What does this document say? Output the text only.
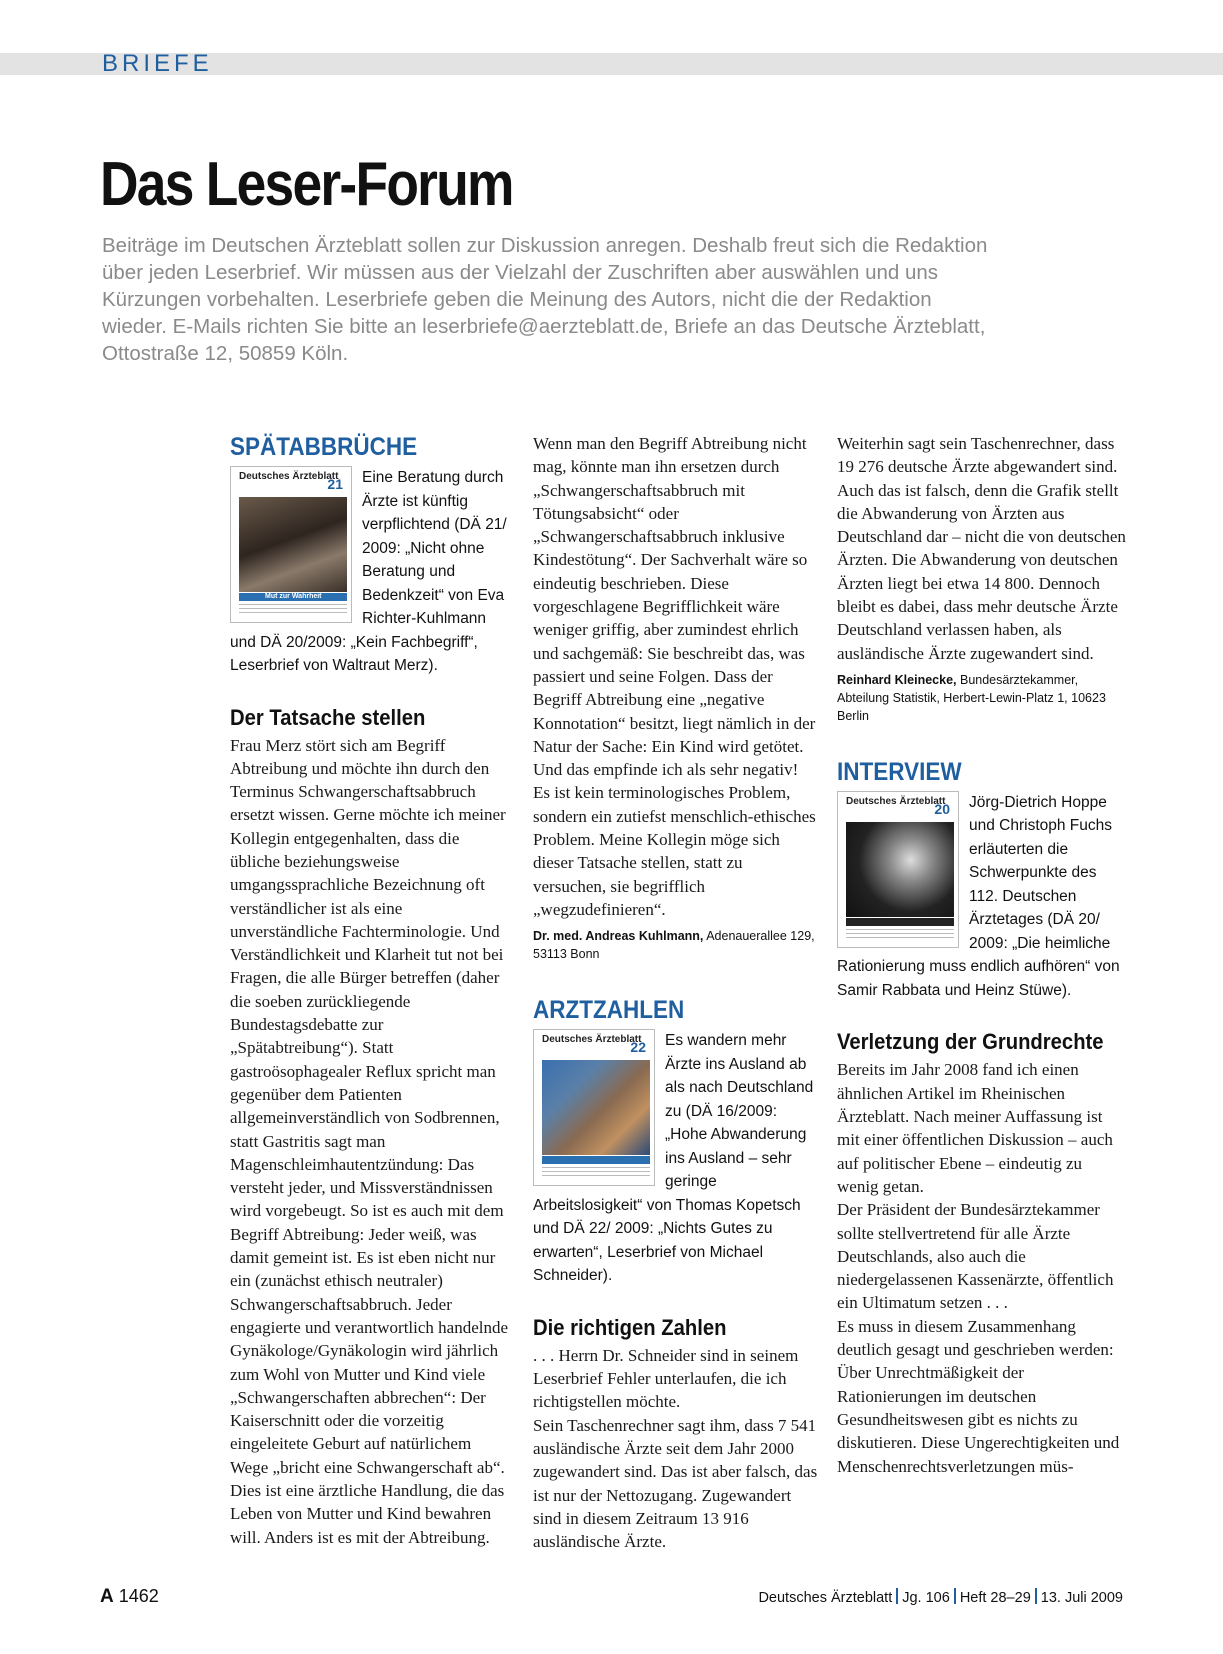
BRIEFE
Das Leser-Forum

Beiträge im Deutschen Ärzteblatt sollen zur Diskussion anregen. Deshalb freut sich die Redaktion über jeden Leserbrief. Wir müssen aus der Vielzahl der Zuschriften aber auswählen und uns Kürzungen vorbehalten. Leserbriefe geben die Meinung des Autors, nicht die der Redaktion wieder. E-Mails richten Sie bitte an leserbriefe@aerzteblatt.de, Briefe an das Deutsche Ärzteblatt, Ottostraße 12, 50859 Köln.

SPÄTABBRÜCHE
Deutsches Ärzteblatt
21
Mut zur Wahrheit
Eine Beratung durch Ärzte ist künftig verpflichtend (DÄ 21/ 2009: „Nicht ohne Beratung und Bedenkzeit“ von Eva Richter-Kuhlmann und DÄ 20/2009: „Kein Fachbegriff“, Leserbrief von Waltraut Merz).
Der Tatsache stellen

Frau Merz stört sich am Begriff Abtreibung und möchte ihn durch den Terminus Schwangerschaftsabbruch ersetzt wissen. Gerne möchte ich meiner Kollegin entgegenhalten, dass die übliche beziehungsweise umgangssprachliche Bezeichnung oft verständlicher ist als eine unverständliche Fachterminologie. Und Verständlichkeit und Klarheit tut not bei Fragen, die alle Bürger betreffen (daher die soeben zurückliegende Bundestagsdebatte zur „Spätabtreibung“). Statt gastroösophagealer Reflux spricht man gegenüber dem Patienten allgemeinverständlich von Sodbrennen, statt Gastritis sagt man Magenschleimhautentzündung: Das versteht jeder, und Missverständnissen wird vorgebeugt. So ist es auch mit dem Begriff Abtreibung: Jeder weiß, was damit gemeint ist. Es ist eben nicht nur ein (zunächst ethisch neutraler) Schwangerschaftsabbruch. Jeder engagierte und verantwortlich handelnde Gynäkologe/Gynäkologin wird jährlich zum Wohl von Mutter und Kind viele „Schwangerschaften abbrechen“: Der Kaiserschnitt oder die vorzeitig eingeleitete Geburt auf natürlichem Wege „bricht eine Schwangerschaft ab“. Dies ist eine ärztliche Handlung, die das Leben von Mutter und Kind bewahren will. Anders ist es mit der Abtreibung.

Wenn man den Begriff Abtreibung nicht mag, könnte man ihn ersetzen durch „Schwangerschaftsabbruch mit Tötungsabsicht“ oder „Schwangerschaftsabbruch inklusive Kindestötung“. Der Sachverhalt wäre so eindeutig beschrieben. Diese vorgeschlagene Begrifflichkeit wäre weniger griffig, aber zumindest ehrlich und sachgemäß: Sie beschreibt das, was passiert und seine Folgen. Dass der Begriff Abtreibung eine „negative Konnotation“ besitzt, liegt nämlich in der Natur der Sache: Ein Kind wird getötet. Und das empfinde ich als sehr negativ! Es ist kein terminologisches Problem, sondern ein zutiefst menschlich-ethisches Problem. Meine Kollegin möge sich dieser Tatsache stellen, statt zu versuchen, sie begrifflich „wegzudefinieren“.

Dr. med. Andreas Kuhlmann, Adenauerallee 129, 53113 Bonn

ARZTZAHLEN
Deutsches Ärzteblatt
22 Es wandern mehr Ärzte ins Ausland ab als nach Deutschland zu (DÄ 16/2009: „Hohe Abwanderung ins Ausland – sehr geringe Arbeitslosigkeit“ von Thomas Kopetsch und DÄ 22/ 2009: „Nichts Gutes zu erwarten“, Leserbrief von Michael Schneider).
Die richtigen Zahlen

. . . Herrn Dr. Schneider sind in seinem Leserbrief Fehler unterlaufen, die ich richtigstellen möchte.

Sein Taschenrechner sagt ihm, dass 7 541 ausländische Ärzte seit dem Jahr 2000 zugewandert sind. Das ist aber falsch, das ist nur der Nettozugang. Zugewandert sind in diesem Zeitraum 13 916 ausländische Ärzte.

Weiterhin sagt sein Taschenrechner, dass 19 276 deutsche Ärzte abgewandert sind. Auch das ist falsch, denn die Grafik stellt die Abwanderung von Ärzten aus Deutschland dar – nicht die von deutschen Ärzten. Die Abwanderung von deutschen Ärzten liegt bei etwa 14 800. Dennoch bleibt es dabei, dass mehr deutsche Ärzte Deutschland verlassen haben, als ausländische Ärzte zugewandert sind.

Reinhard Kleinecke, Bundesärztekammer, Abteilung Statistik, Herbert-Lewin-Platz 1, 10623 Berlin

INTERVIEW
Deutsches Ärzteblatt
20 Jörg-Dietrich Hoppe und Christoph Fuchs erläuterten die Schwerpunkte des 112. Deutschen Ärztetages (DÄ 20/ 2009: „Die heimliche Rationierung muss endlich aufhören“ von Samir Rabbata und Heinz Stüwe).
Verletzung der Grundrechte

Bereits im Jahr 2008 fand ich einen ähnlichen Artikel im Rheinischen Ärzteblatt. Nach meiner Auffassung ist mit einer öffentlichen Diskussion – auch auf politischer Ebene – eindeutig zu wenig getan.

Der Präsident der Bundesärztekammer sollte stellvertretend für alle Ärzte Deutschlands, also auch die niedergelassenen Kassenärzte, öffentlich ein Ultimatum setzen . . .

Es muss in diesem Zusammenhang deutlich gesagt und geschrieben werden: Über Unrechtmäßigkeit der Rationierungen im deutschen Gesundheitswesen gibt es nichts zu diskutieren. Diese Ungerechtigkeiten und Menschenrechtsverletzungen müs-

A 1462	Deutsches Ärzteblatt Jg. 106 Heft 28–29 13. Juli 2009
